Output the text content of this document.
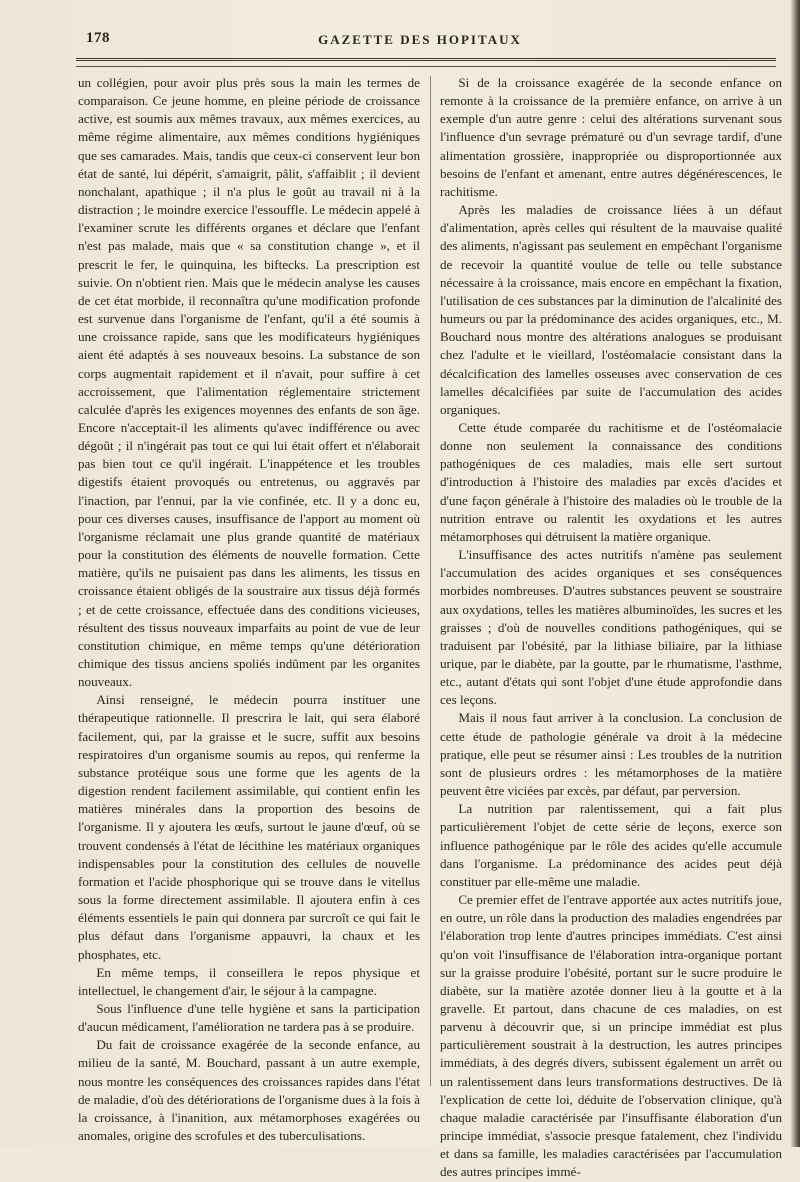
178	GAZETTE DES HOPITAUX

un collégien, pour avoir plus près sous la main les termes de comparaison. Ce jeune homme, en pleine période de croissance active, est soumis aux mêmes travaux, aux mêmes exercices, au même régime alimentaire, aux mêmes conditions hygiéniques que ses camarades. Mais, tandis que ceux-ci conservent leur bon état de santé, lui dépérit, s'amaigrit, pâlit, s'affaiblit ; il devient nonchalant, apathique ; il n'a plus le goût au travail ni à la distraction ; le moindre exercice l'essouffle. Le médecin appelé à l'examiner scrute les différents organes et déclare que l'enfant n'est pas malade, mais que « sa constitution change », et il prescrit le fer, le quinquina, les biftecks. La prescription est suivie. On n'obtient rien. Mais que le médecin analyse les causes de cet état morbide, il reconnaîtra qu'une modification profonde est survenue dans l'organisme de l'enfant, qu'il a été soumis à une croissance rapide, sans que les modificateurs hygiéniques aient été adaptés à ses nouveaux besoins. La substance de son corps augmentait rapidement et il n'avait, pour suffire à cet accroissement, que l'alimentation réglementaire strictement calculée d'après les exigences moyennes des enfants de son âge. Encore n'acceptait-il les aliments qu'avec indifférence ou avec dégoût ; il n'ingérait pas tout ce qui lui était offert et n'élaborait pas bien tout ce qu'il ingérait. L'inappétence et les troubles digestifs étaient provoqués ou entretenus, ou aggravés par l'inaction, par l'ennui, par la vie confinée, etc. Il y a donc eu, pour ces diverses causes, insuffisance de l'apport au moment où l'organisme réclamait une plus grande quantité de matériaux pour la constitution des éléments de nouvelle formation. Cette matière, qu'ils ne puisaient pas dans les aliments, les tissus en croissance étaient obligés de la soustraire aux tissus déjà formés ; et de cette croissance, effectuée dans des conditions vicieuses, résultent des tissus nouveaux imparfaits au point de vue de leur constitution chimique, en même temps qu'une détérioration chimique des tissus anciens spoliés indûment par les organites nouveaux.

Ainsi renseigné, le médecin pourra instituer une thérapeutique rationnelle. Il prescrira le lait, qui sera élaboré facilement, qui, par la graisse et le sucre, suffit aux besoins respiratoires d'un organisme soumis au repos, qui renferme la substance protéique sous une forme que les agents de la digestion rendent facilement assimilable, qui contient enfin les matières minérales dans la proportion des besoins de l'organisme. Il y ajoutera les œufs, surtout le jaune d'œuf, où se trouvent condensés à l'état de lécithine les matériaux organiques indispensables pour la constitution des cellules de nouvelle formation et l'acide phosphorique qui se trouve dans le vitellus sous la forme directement assimilable. Il ajoutera enfin à ces éléments essentiels le pain qui donnera par surcroît ce qui fait le plus défaut dans l'organisme appauvri, la chaux et les phosphates, etc.

En même temps, il conseillera le repos physique et intellectuel, le changement d'air, le séjour à la campagne.

Sous l'influence d'une telle hygiène et sans la participation d'aucun médicament, l'amélioration ne tardera pas à se produire.

Du fait de croissance exagérée de la seconde enfance, au milieu de la santé, M. Bouchard, passant à un autre exemple, nous montre les conséquences des croissances rapides dans l'état de maladie, d'où des détériorations de l'organisme dues à la fois à la croissance, à l'inanition, aux métamorphoses exagérées ou anomales, origine des scrofules et des tuberculisations.

Si de la croissance exagérée de la seconde enfance on remonte à la croissance de la première enfance, on arrive à un exemple d'un autre genre : celui des altérations survenant sous l'influence d'un sevrage prématuré ou d'un sevrage tardif, d'une alimentation grossière, inappropriée ou disproportionnée aux besoins de l'enfant et amenant, entre autres dégénérescences, le rachitisme.

Après les maladies de croissance liées à un défaut d'alimentation, après celles qui résultent de la mauvaise qualité des aliments, n'agissant pas seulement en empêchant l'organisme de recevoir la quantité voulue de telle ou telle substance nécessaire à la croissance, mais encore en empêchant la fixation, l'utilisation de ces substances par la diminution de l'alcalinité des humeurs ou par la prédominance des acides organiques, etc., M. Bouchard nous montre des altérations analogues se produisant chez l'adulte et le vieillard, l'ostéomalacie consistant dans la décalcification des lamelles osseuses avec conservation de ces lamelles décalcifiées par suite de l'accumulation des acides organiques.

Cette étude comparée du rachitisme et de l'ostéomalacie donne non seulement la connaissance des conditions pathogéniques de ces maladies, mais elle sert surtout d'introduction à l'histoire des maladies par excès d'acides et d'une façon générale à l'histoire des maladies où le trouble de la nutrition entrave ou ralentit les oxydations et les autres métamorphoses qui détruisent la matière organique.

L'insuffisance des actes nutritifs n'amène pas seulement l'accumulation des acides organiques et ses conséquences morbides nombreuses. D'autres substances peuvent se soustraire aux oxydations, telles les matières albuminoïdes, les sucres et les graisses ; d'où de nouvelles conditions pathogéniques, qui se traduisent par l'obésité, par la lithiase biliaire, par la lithiase urique, par le diabète, par la goutte, par le rhumatisme, l'asthme, etc., autant d'états qui sont l'objet d'une étude approfondie dans ces leçons.

Mais il nous faut arriver à la conclusion. La conclusion de cette étude de pathologie générale va droit à la médecine pratique, elle peut se résumer ainsi : Les troubles de la nutrition sont de plusieurs ordres : les métamorphoses de la matière peuvent être viciées par excès, par défaut, par perversion.

La nutrition par ralentissement, qui a fait plus particulièrement l'objet de cette série de leçons, exerce son influence pathogénique par le rôle des acides qu'elle accumule dans l'organisme. La prédominance des acides peut déjà constituer par elle-même une maladie.

Ce premier effet de l'entrave apportée aux actes nutritifs joue, en outre, un rôle dans la production des maladies engendrées par l'élaboration trop lente d'autres principes immédiats. C'est ainsi qu'on voit l'insuffisance de l'élaboration intra-organique portant sur la graisse produire l'obésité, portant sur le sucre produire le diabète, sur la matière azotée donner lieu à la goutte et à la gravelle. Et partout, dans chacune de ces maladies, on est parvenu à découvrir que, si un principe immédiat est plus particulièrement soustrait à la destruction, les autres principes immédiats, à des degrés divers, subissent également un arrêt ou un ralentissement dans leurs transformations destructives. De là l'explication de cette loi, déduite de l'observation clinique, qu'à chaque maladie caractérisée par l'insuffisante élaboration d'un principe immédiat, s'associe presque fatalement, chez l'individu et dans sa famille, les maladies caractérisées par l'accumulation des autres principes immé-
